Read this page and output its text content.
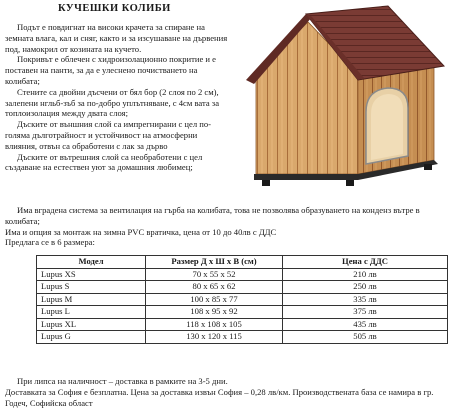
КУЧЕШКИ КОЛИБИ

Подът е повдигнат на високи крачета за спиране на земната влага, кал и сняг, както и за изсушаване на дървения под, намокрил от козината на кучето.

Покривът е облечен с хидроизолационно покритие и е поставен на панти, за да е улеснено почистването на колибата;

Стените са двойни дъсчени от бял бор (2 слоя по 2 см), залепени нгльб-зъб за по-добро уплътняване, с 4см вата за топлоизолация между двата слоя;

Дъските от външния слой са импрегнирани с цел по-голяма дълготрайност и устойчивост на атмосферни влияния, отвън са обработени с лак за дърво

Дъските от вътрешния слой са необработени с цел създаване на естествен уют за домашния любимец;

Има вградена система за вентилация на гърба на колибата, това не позволява образуването на конденз вътре в колибата;

Има и опция за монтаж на зимна PVC вратичка, цена от 10 до 40лв с ДДС

Предлага се в 6 размера:

Модел	Размер Д х Ш х В (см)	Цена с ДДС
Lupus XS	70 х 55 х 52	210 лв
Lupus S	80 х 65 х 62	250 лв
Lupus M	100 х 85 х 77	335 лв
Lupus L	108 х 95 х 92	375 лв
Lupus XL	118 х 108 х 105	435 лв
Lupus G	130 х 120 х 115	505 лв

При липса на наличност – доставка в рамките на 3-5 дни.

Доставката за София е безплатна. Цена за доставка извън София – 0,28 лв/км. Производствената база се намира в гр. Годеч, Софийска област
